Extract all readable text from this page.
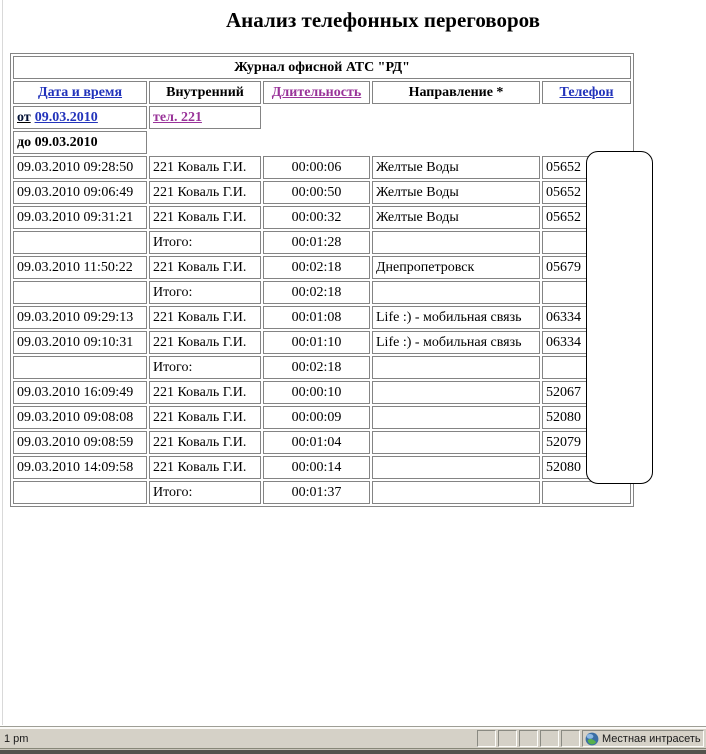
Анализ телефонных переговоров
Журнал офисной АТС "РД"				
Дата и время	Внутренний	Длительность	Направление *	Телефон
от 09.03.2010	тел. 221			
до 09.03.2010				
09.03.2010 09:28:50	221 Коваль Г.И.	00:00:06	Желтые Воды	05652
09.03.2010 09:06:49	221 Коваль Г.И.	00:00:50	Желтые Воды	05652
09.03.2010 09:31:21	221 Коваль Г.И.	00:00:32	Желтые Воды	05652
	Итого:	00:01:28		
09.03.2010 11:50:22	221 Коваль Г.И.	00:02:18	Днепропетровск	05679
	Итого:	00:02:18		
09.03.2010 09:29:13	221 Коваль Г.И.	00:01:08	Life :) - мобильная связь	06334
09.03.2010 09:10:31	221 Коваль Г.И.	00:01:10	Life :) - мобильная связь	06334
	Итого:	00:02:18		
09.03.2010 16:09:49	221 Коваль Г.И.	00:00:10		52067
09.03.2010 09:08:08	221 Коваль Г.И.	00:00:09		52080
09.03.2010 09:08:59	221 Коваль Г.И.	00:01:04		52079
09.03.2010 14:09:58	221 Коваль Г.И.	00:00:14		52080
	Итого:	00:01:37		
1 pm	Местная интрасеть
